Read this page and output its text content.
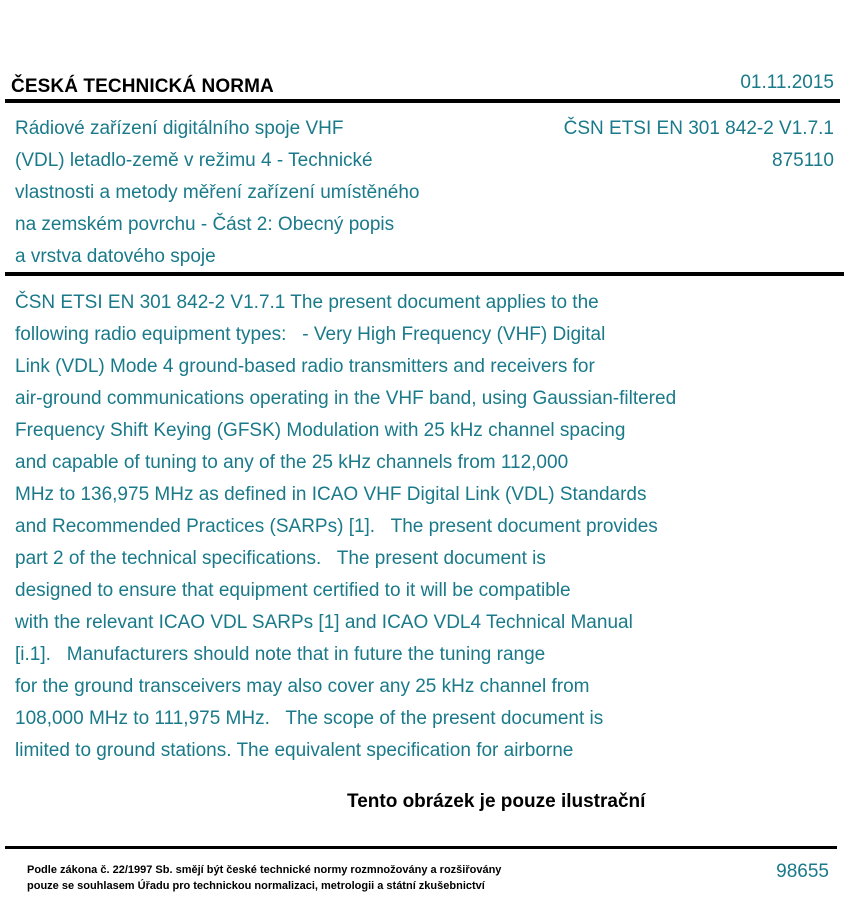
ČESKÁ TECHNICKÁ NORMA	01.11.2015
Rádiové zařízení digitálního spoje VHF
(VDL) letadlo-země v režimu 4 - Technické
vlastnosti a metody měření zařízení umístěného
na zemském povrchu - Část 2: Obecný popis
a vrstva datového spoje
ČSN ETSI EN 301 842-2 V1.7.1
875110
ČSN ETSI EN 301 842-2 V1.7.1 The present document applies to the
following radio equipment types:   - Very High Frequency (VHF) Digital
Link (VDL) Mode 4 ground-based radio transmitters and receivers for
air-ground communications operating in the VHF band, using Gaussian-filtered
Frequency Shift Keying (GFSK) Modulation with 25 kHz channel spacing
and capable of tuning to any of the 25 kHz channels from 112,000
MHz to 136,975 MHz as defined in ICAO VHF Digital Link (VDL) Standards
and Recommended Practices (SARPs) [1].   The present document provides
part 2 of the technical specifications.   The present document is
designed to ensure that equipment certified to it will be compatible
with the relevant ICAO VDL SARPs [1] and ICAO VDL4 Technical Manual
[i.1].   Manufacturers should note that in future the tuning range
for the ground transceivers may also cover any 25 kHz channel from
108,000 MHz to 111,975 MHz.   The scope of the present document is
limited to ground stations. The equivalent specification for airborne
Tento obrázek je pouze ilustrační
Podle zákona č. 22/1997 Sb. smějí být české technické normy rozmnožovány a rozšiřovány
pouze se souhlasem Úřadu pro technickou normalizaci, metrologii a státní zkušebnictví
98655
